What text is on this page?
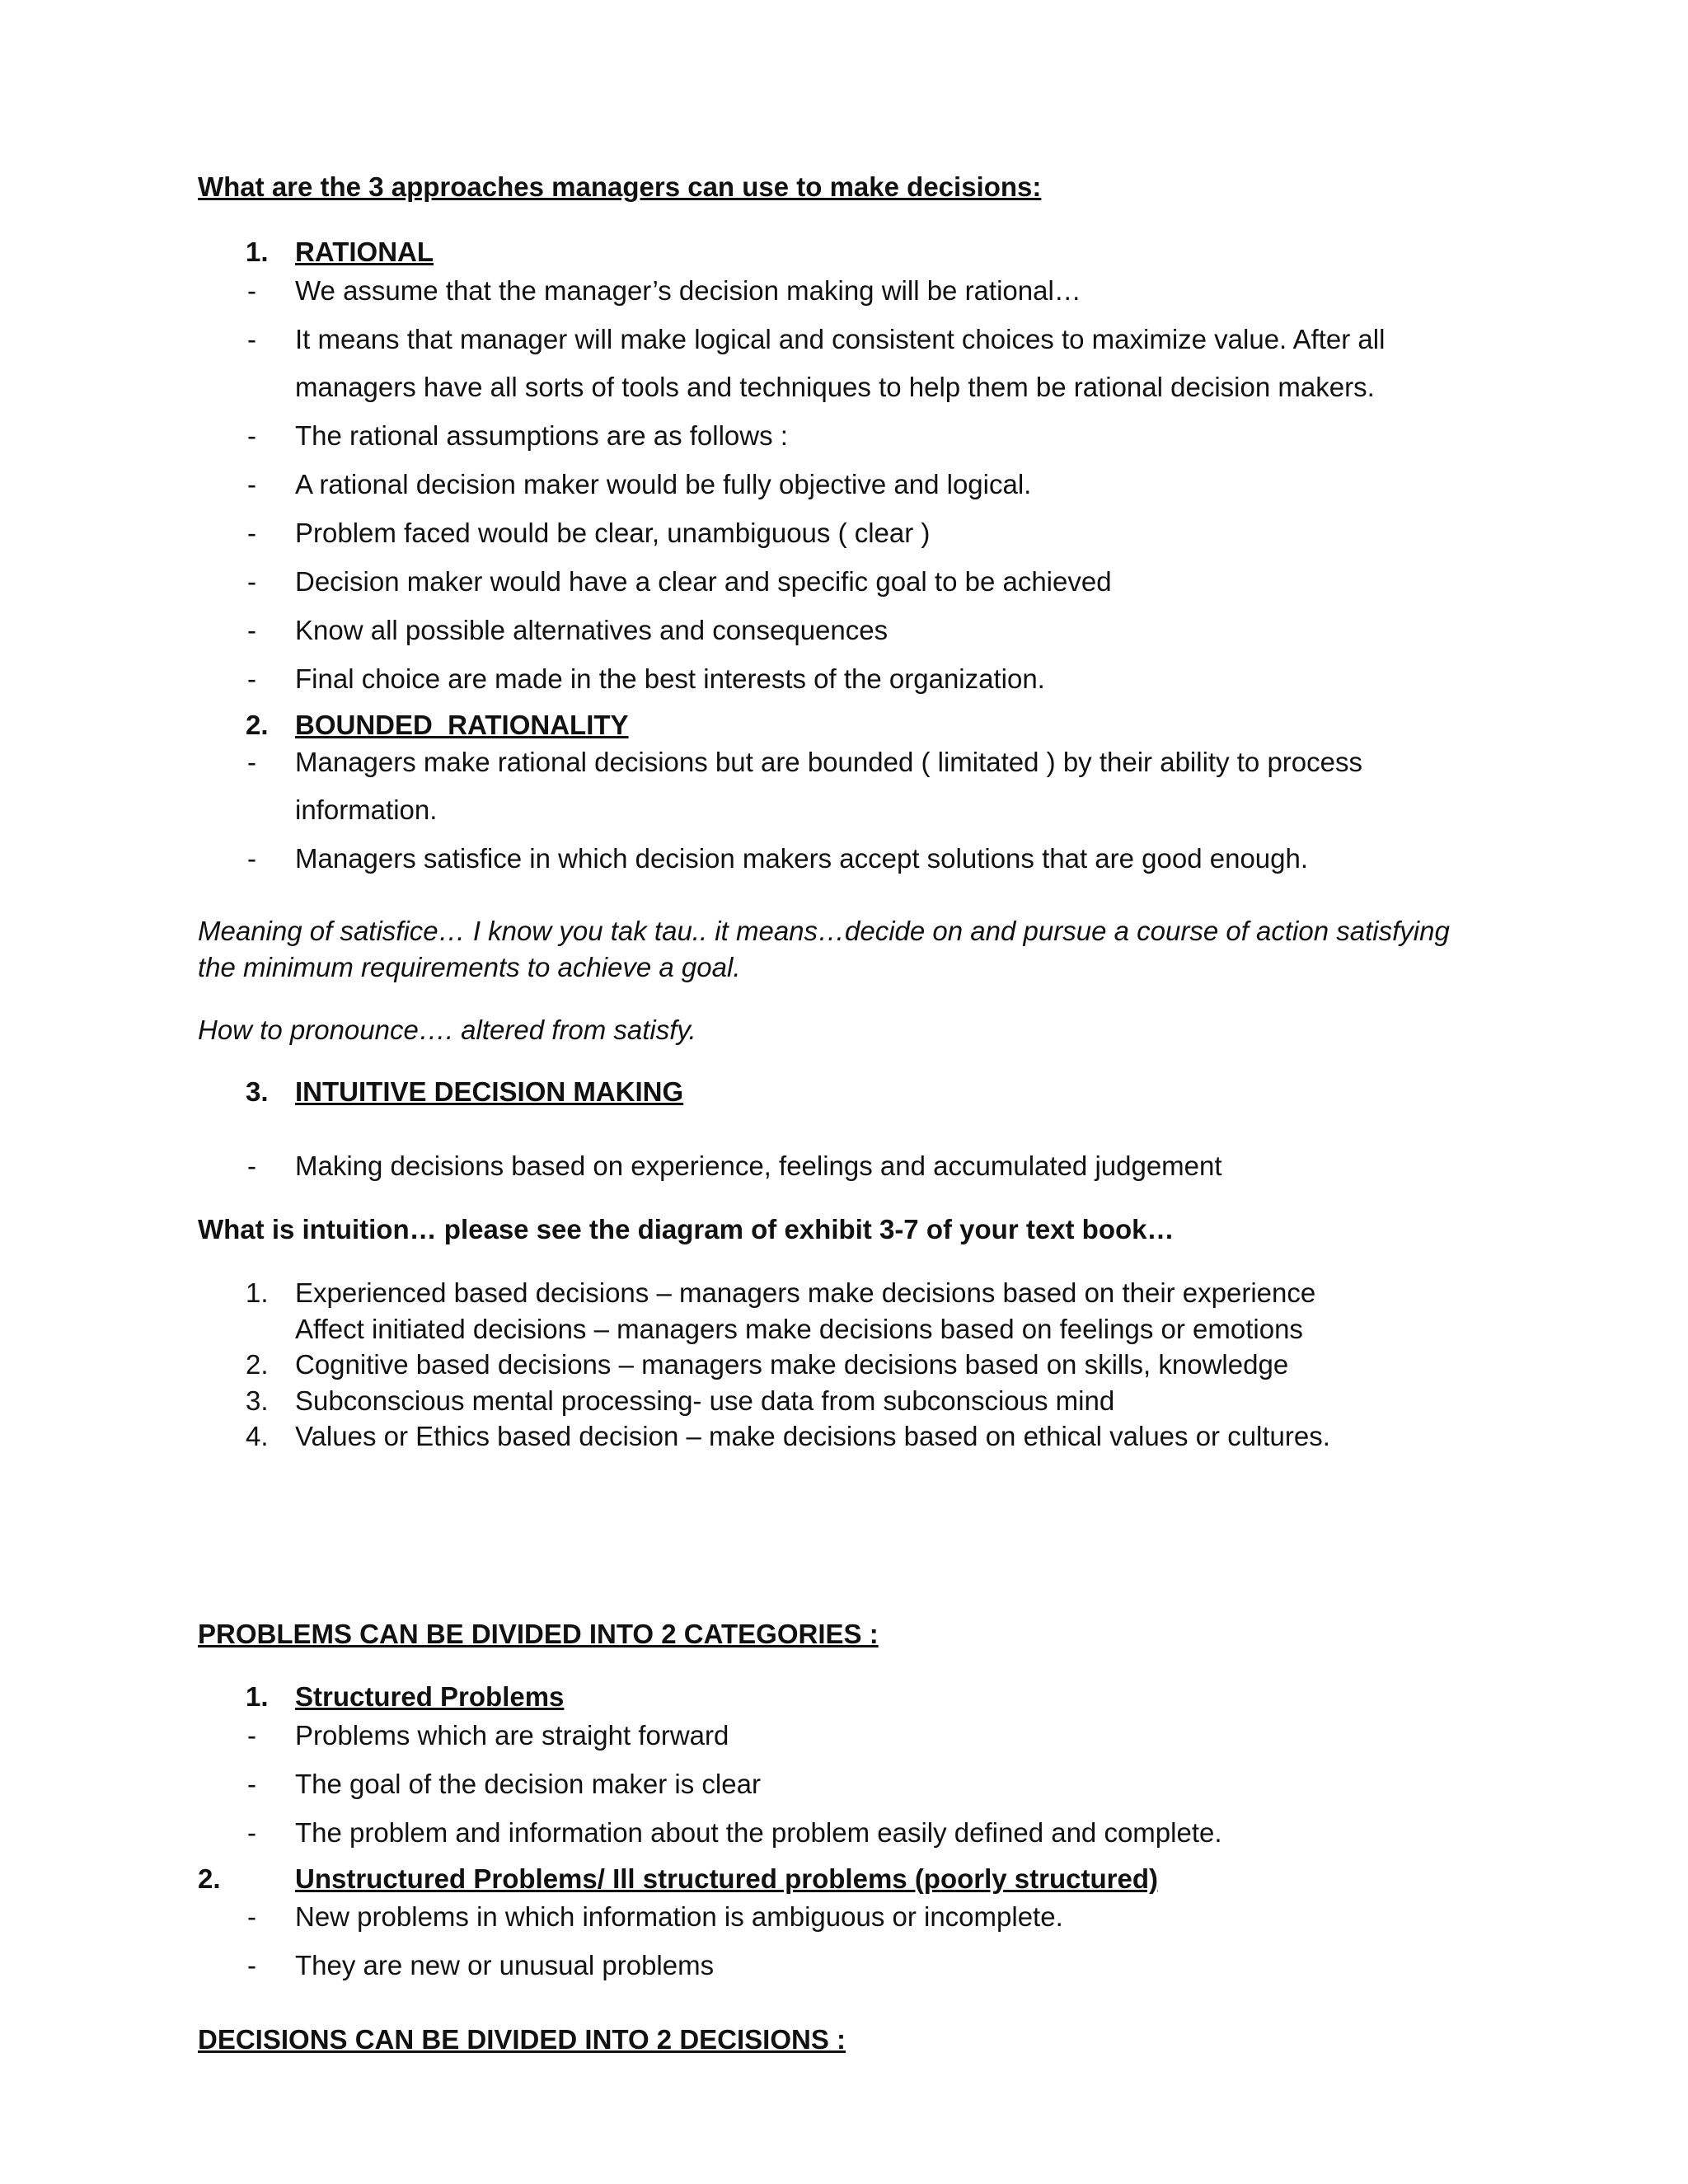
What are the 3 approaches managers can use to make decisions:
1. RATIONAL
- We assume that the manager’s decision making will be rational…
- It means that manager will make logical and consistent choices to maximize value. After all
managers have all sorts of tools and techniques to help them be rational decision makers.
- The rational assumptions are as follows :
- A rational decision maker would be fully objective and logical.
- Problem faced would be clear, unambiguous ( clear )
- Decision maker would have a clear and specific goal to be achieved
- Know all possible alternatives and consequences
- Final choice are made in the best interests of the organization.
2. BOUNDED  RATIONALITY
- Managers make rational decisions but are bounded ( limitated ) by their ability to process
information.
- Managers satisfice in which decision makers accept solutions that are good enough.
Meaning of satisfice… I know you tak tau.. it means…decide on and pursue a course of action satisfying the minimum requirements to achieve a goal.
How to pronounce…. altered from satisfy.
3. INTUITIVE DECISION MAKING
- Making decisions based on experience, feelings and accumulated judgement
What is intuition… please see the diagram of exhibit 3-7 of your text book…
1. Experienced based decisions – managers make decisions based on their experience
Affect initiated decisions – managers make decisions based on feelings or emotions
2. Cognitive based decisions – managers make decisions based on skills, knowledge
3. Subconscious mental processing- use data from subconscious mind
4. Values or Ethics based decision – make decisions based on ethical values or cultures.
PROBLEMS CAN BE DIVIDED INTO 2 CATEGORIES :
1. Structured Problems
- Problems which are straight forward
- The goal of the decision maker is clear
- The problem and information about the problem easily defined and complete.
2.	Unstructured Problems/ Ill structured problems (poorly structured)
- New problems in which information is ambiguous or incomplete.
- They are new or unusual problems
DECISIONS CAN BE DIVIDED INTO 2 DECISIONS :
